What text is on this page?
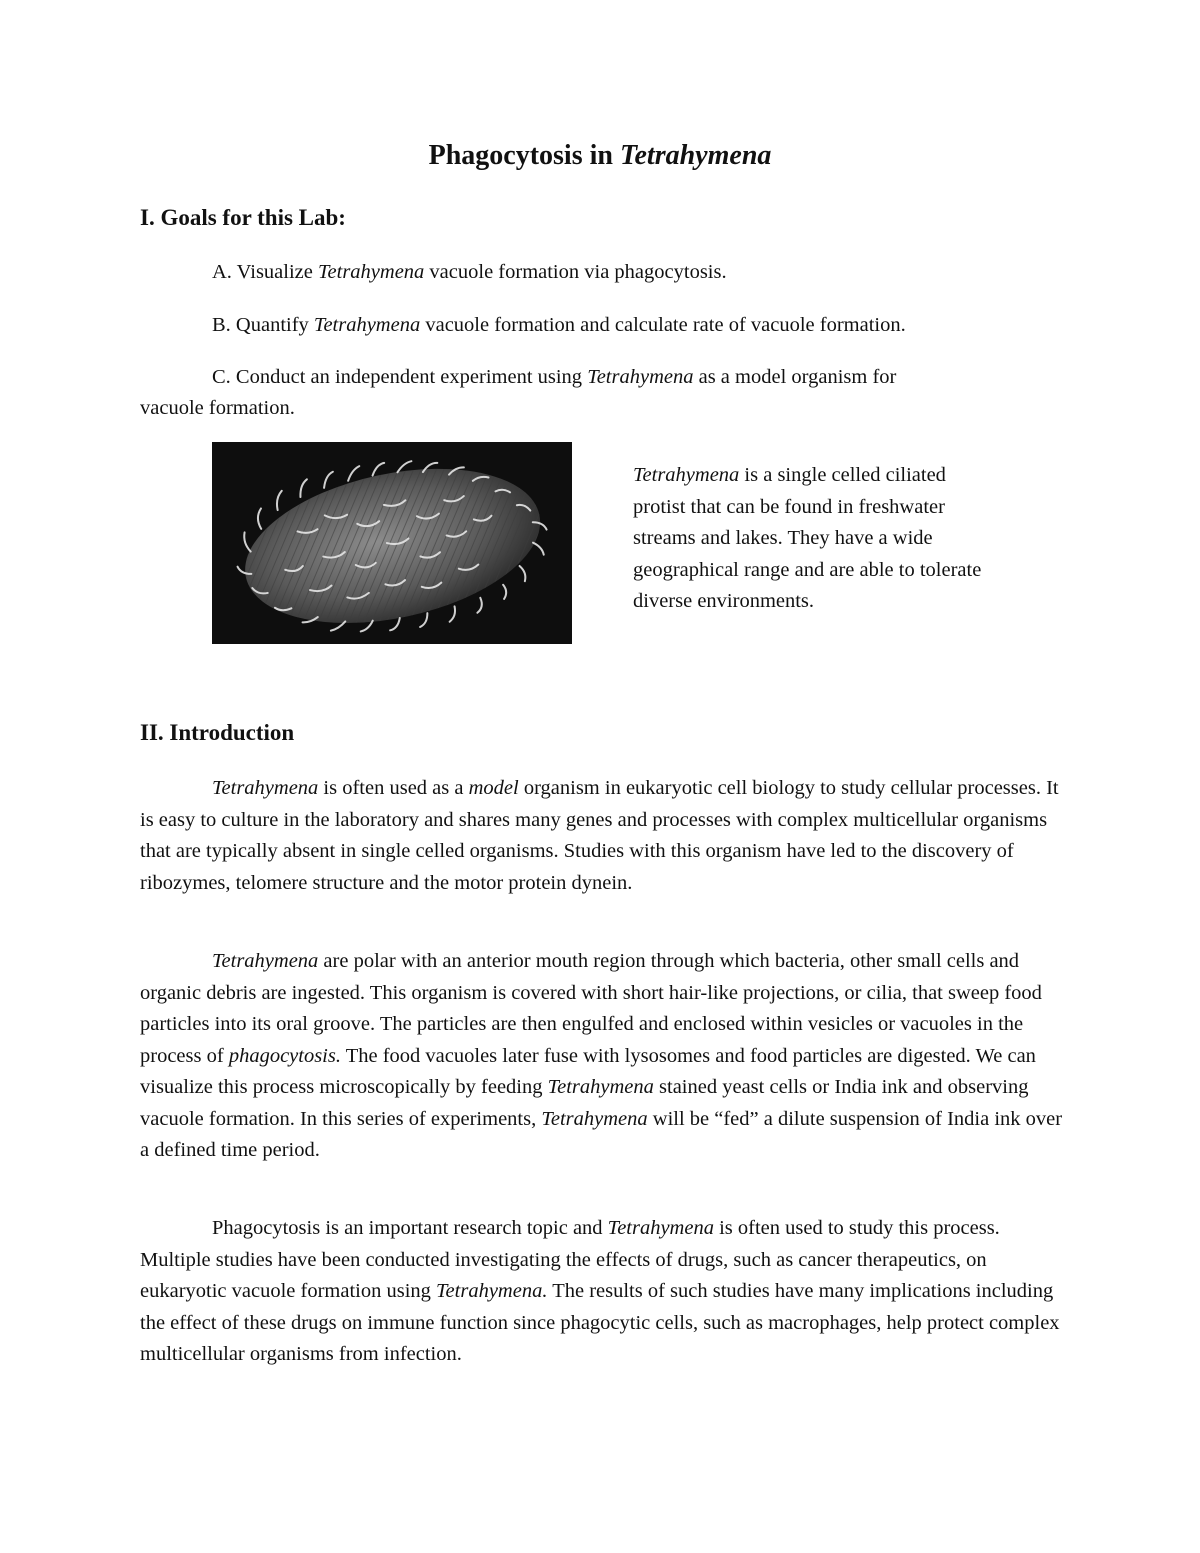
Phagocytosis in Tetrahymena
I. Goals for this Lab:

A. Visualize Tetrahymena vacuole formation via phagocytosis.

B. Quantify Tetrahymena vacuole formation and calculate rate of vacuole formation.

C. Conduct an independent experiment using Tetrahymena as a model organism for

vacuole formation.

Tetrahymena is a single celled ciliated protist that can be found in freshwater streams and lakes. They have a wide geographical range and are able to tolerate diverse environments.

II. Introduction

Tetrahymena is often used as a model organism in eukaryotic cell biology to study cellular processes. It is easy to culture in the laboratory and shares many genes and processes with complex multicellular organisms that are typically absent in single celled organisms. Studies with this organism have led to the discovery of ribozymes, telomere structure and the motor protein dynein.

Tetrahymena are polar with an anterior mouth region through which bacteria, other small cells and organic debris are ingested. This organism is covered with short hair-like projections, or cilia, that sweep food particles into its oral groove. The particles are then engulfed and enclosed within vesicles or vacuoles in the process of phagocytosis. The food vacuoles later fuse with lysosomes and food particles are digested. We can visualize this process microscopically by feeding Tetrahymena stained yeast cells or India ink and observing vacuole formation. In this series of experiments, Tetrahymena will be “fed” a dilute suspension of India ink over a defined time period.

Phagocytosis is an important research topic and Tetrahymena is often used to study this process. Multiple studies have been conducted investigating the effects of drugs, such as cancer therapeutics, on eukaryotic vacuole formation using Tetrahymena. The results of such studies have many implications including the effect of these drugs on immune function since phagocytic cells, such as macrophages, help protect complex multicellular organisms from infection.
